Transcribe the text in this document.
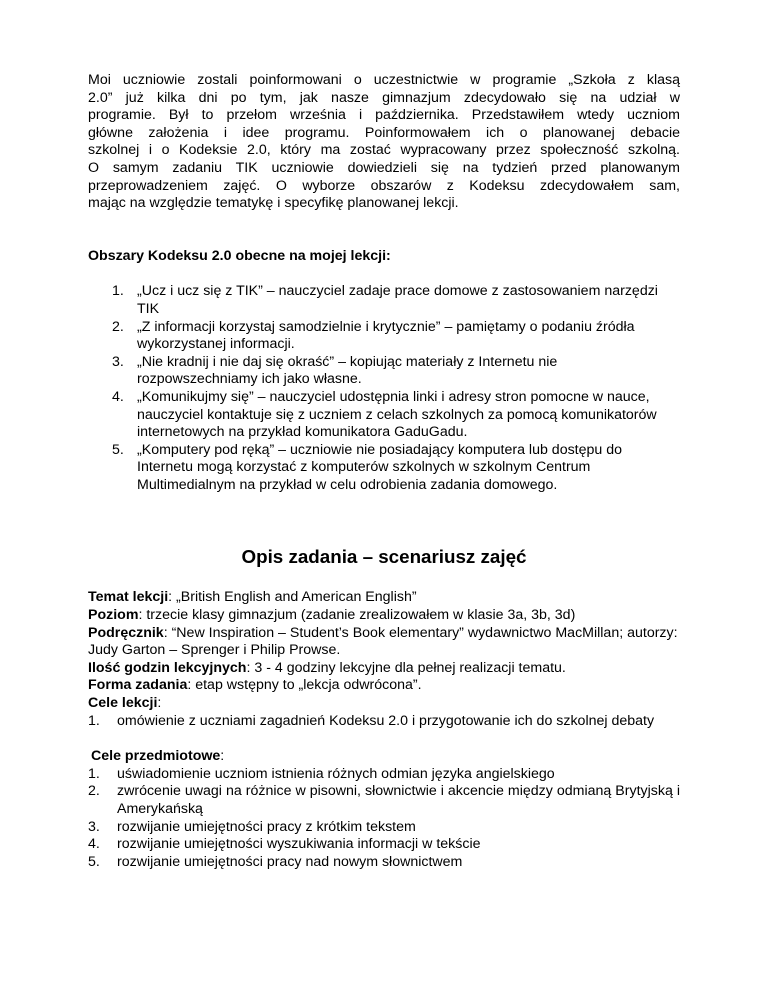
Moi uczniowie zostali poinformowani o uczestnictwie w programie „Szkoła z klasą
2.0” już kilka dni po tym, jak nasze gimnazjum zdecydowało się na udział w
programie. Był to przełom września i października. Przedstawiłem wtedy uczniom
główne założenia i idee programu. Poinformowałem ich o planowanej debacie
szkolnej i o Kodeksie 2.0, który ma zostać wypracowany przez społeczność szkolną.
O samym zadaniu TIK uczniowie dowiedzieli się na tydzień przed planowanym
przeprowadzeniem zajęć. O wyborze obszarów z Kodeksu zdecydowałem sam,
mając na względzie tematykę i specyfikę planowanej lekcji.

Obszary Kodeksu 2.0 obecne na mojej lekcji:

1. „Ucz i ucz się z TIK” – nauczyciel zadaje prace domowe z zastosowaniem narzędzi TIK
2. „Z informacji korzystaj samodzielnie i krytycznie” – pamiętamy o podaniu źródła wykorzystanej informacji.
3. „Nie kradnij i nie daj się okraść” – kopiując materiały z Internetu nie rozpowszechniamy ich jako własne.
4. „Komunikujmy się” – nauczyciel udostępnia linki i adresy stron pomocne w nauce, nauczyciel kontaktuje się z uczniem z celach szkolnych za pomocą komunikatorów internetowych na przykład komunikatora GaduGadu.
5. „Komputery pod ręką” – uczniowie nie posiadający komputera lub dostępu do Internetu mogą korzystać z komputerów szkolnych w szkolnym Centrum Multimedialnym na przykład w celu odrobienia zadania domowego.

Opis zadania – scenariusz zajęć

Temat lekcji: „British English and American English”

Poziom: trzecie klasy gimnazjum (zadanie zrealizowałem w klasie 3a, 3b, 3d)

Podręcznik: “New Inspiration – Student’s Book elementary” wydawnictwo MacMillan; autorzy: Judy Garton – Sprenger i Philip Prowse.

Ilość godzin lekcyjnych: 3 - 4 godziny lekcyjne dla pełnej realizacji tematu.

Forma zadania: etap wstępny to „lekcja odwrócona”.

Cele lekcji:

1. omówienie z uczniami zagadnień Kodeksu 2.0 i przygotowanie ich do szkolnej debaty

Cele przedmiotowe:

1. uświadomienie uczniom istnienia różnych odmian języka angielskiego
2. zwrócenie uwagi na różnice w pisowni, słownictwie i akcencie między odmianą Brytyjską i Amerykańską
3. rozwijanie umiejętności pracy z krótkim tekstem
4. rozwijanie umiejętności wyszukiwania informacji w tekście
5. rozwijanie umiejętności pracy nad nowym słownictwem
